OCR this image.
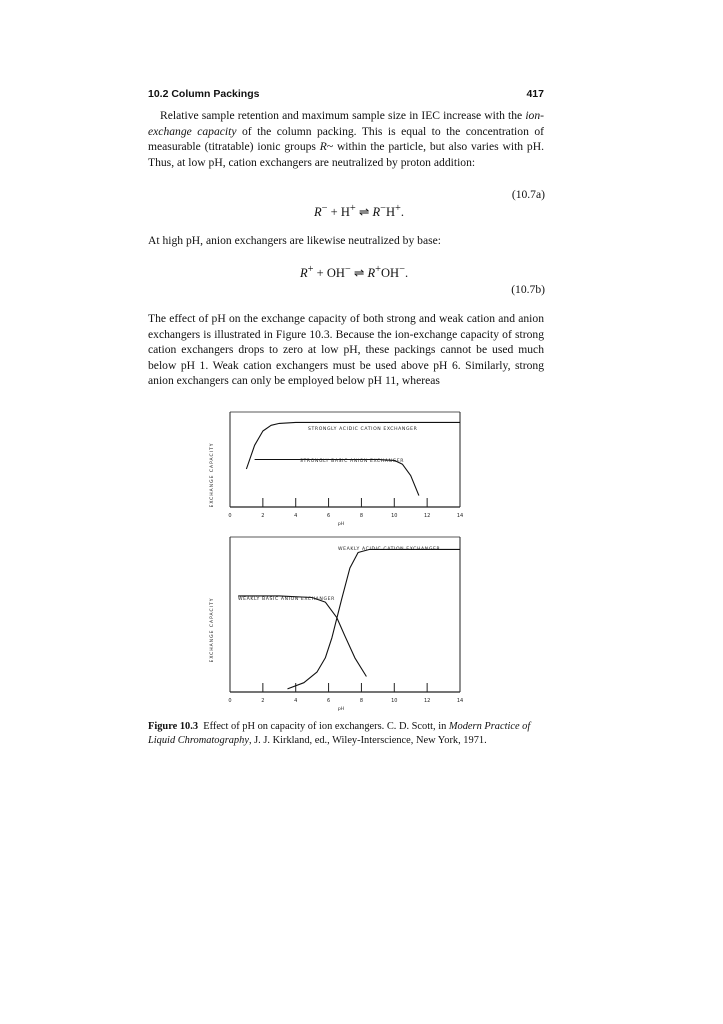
10.2 Column Packings	417

Relative sample retention and maximum sample size in IEC increase with the ion-exchange capacity of the column packing. This is equal to the concentration of measurable (titratable) ionic groups R~ within the particle, but also varies with pH. Thus, at low pH, cation exchangers are neutralized by proton addition:

(10.7a)
R− + H+ ⇌ R−H+.

At high pH, anion exchangers are likewise neutralized by base:

R+ + OH− ⇌ R+OH−.
(10.7b)

The effect of pH on the exchange capacity of both strong and weak cation and anion exchangers is illustrated in Figure 10.3. Because the ion-exchange capacity of strong cation exchangers drops to zero at low pH, these packings cannot be used much below pH 1. Weak cation exchangers must be used above pH 6. Similarly, strong anion exchangers can only be employed below pH 11, whereas

0	2	4	6	8	10	12	14
pH
EXCHANGE CAPACITY
STRONGLY ACIDIC CATION EXCHANGER
STRONGLY BASIC ANION EXCHANGER
0	2	4	6	8	10	12	14
pH
EXCHANGE CAPACITY
WEAKLY ACIDIC CATION EXCHANGER
WEAKLY BASIC ANION EXCHANGER

Figure 10.3 Effect of pH on capacity of ion exchangers. C. D. Scott, in Modern Practice of Liquid Chromatography, J. J. Kirkland, ed., Wiley-Interscience, New York, 1971.
